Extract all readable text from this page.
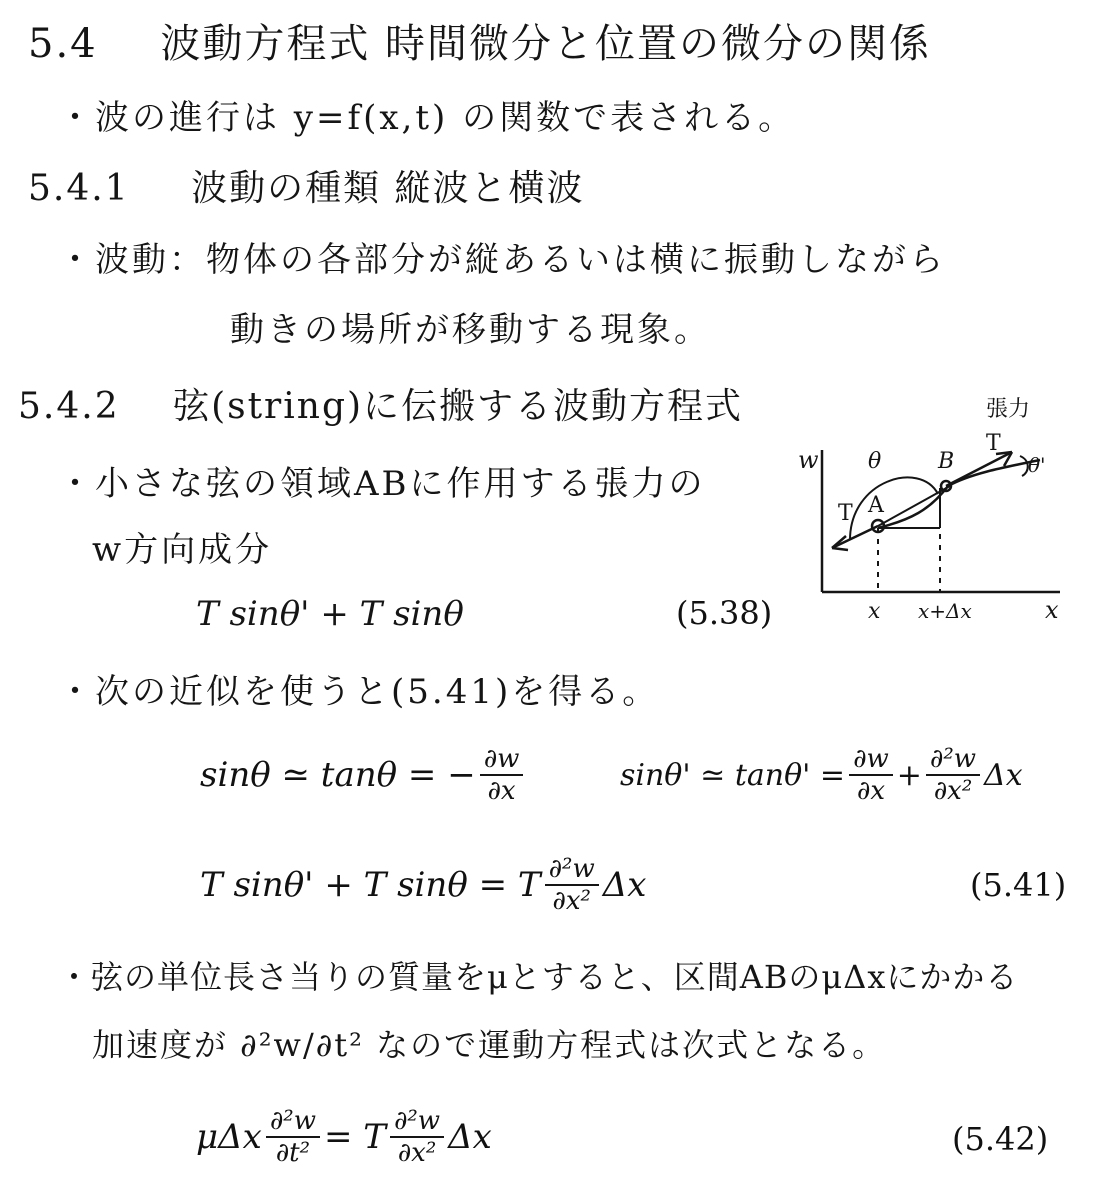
5.4 波動方程式 時間微分と位置の微分の関係
・波の進行は y=f(x,t) の関数で表される。
5.4.1 波動の種類 縦波と横波
・波動：物体の各部分が縦あるいは横に振動しながら
動きの場所が移動する現象。
5.4.2 弦(string)に伝搬する波動方程式
・小さな弦の領域ABに作用する張力の
w方向成分
T sinθ' + T sinθ	(5.38)
w
x
張力
A
T
B
T
θ	θ'
x x+Δx
・次の近似を使うと(5.41)を得る。
sinθ ≃ tanθ = − $\frac{\partial w}{\partial x}$	sinθ' ≃ $\tan\theta' = \frac{\partial w}{\partial x} + \frac{\text{∂²w}}{\text{∂x²}}$ Δx
T sinθ' + T sinθ = T $\frac{\text{∂²w}}{\text{∂x²}}$ Δx	(5.41)
・弦の単位長さ当りの質量をμとすると、区間ABのμΔxにかかる
加速度が ∂²w/∂t² なので運動方程式は次式となる。
μΔx $\frac{\text{∂²w}}{\text{∂t²}} = T \frac{\text{∂²w}}{\text{∂x²}}$ Δx	(5.42)
